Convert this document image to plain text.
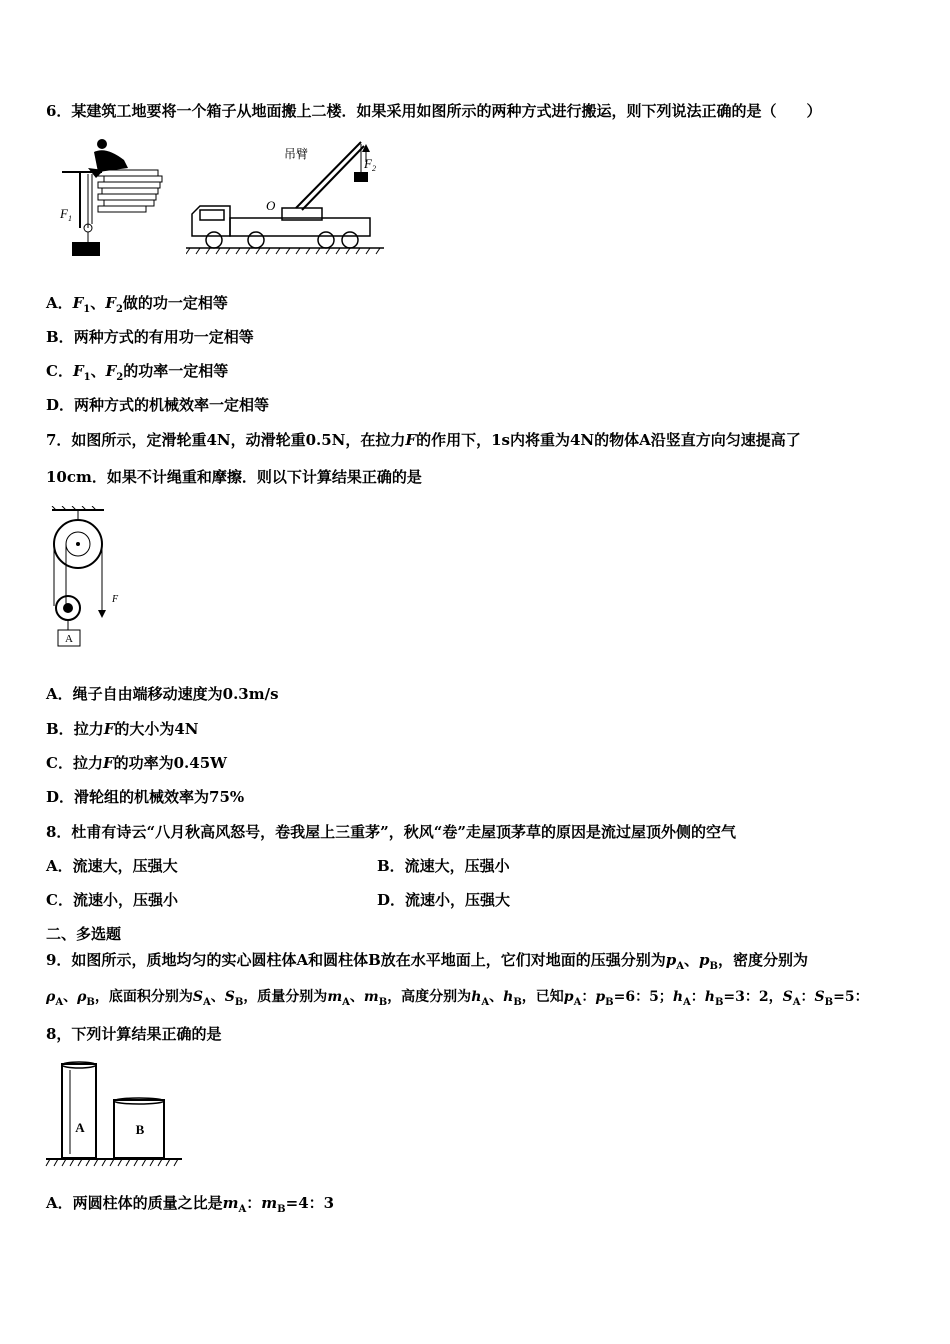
6．某建筑工地要将一个箱子从地面搬上二楼．如果采用如图所示的两种方式进行搬运，则下列说法正确的是（　　）
$F_1$
吊臂
$F_2$
O
A．$F_1$、$F_2$做的功一定相等
B．两种方式的有用功一定相等
C．$F_1$、$F_2$的功率一定相等
D．两种方式的机械效率一定相等
7．如图所示，定滑轮重4N，动滑轮重0.5N，在拉力F的作用下，1s内将重为4N的物体A沿竖直方向匀速提高了
10cm．如果不计绳重和摩擦．则以下计算结果正确的是
F
A
A．绳子自由端移动速度为0.3m/s
B．拉力F的大小为4N
C．拉力F的功率为0.45W
D．滑轮组的机械效率为75%
8．杜甫有诗云“八月秋高风怒号，卷我屋上三重茅”，秋风“卷”走屋顶茅草的原因是流过屋顶外侧的空气
A．流速大，压强大	B．流速大，压强小
C．流速小，压强小	D．流速小，压强大
二、多选题
9．如图所示，质地均匀的实心圆柱体A和圆柱体B放在水平地面上，它们对地面的压强分别为$p_A$、$p_B$，密度分别为
$\rho_A$、$\rho_B$，底面积分别为$S_A$、$S_B$，质量分别为$m_A$、$m_B$，高度分别为$h_A$、$h_B$，已知$p_A$：$p_B=6$：5；$h_A$：$h_B=3$：2，$S_A$：$S_B=5$：
8，下列计算结果正确的是
A	B
A．两圆柱体的质量之比是$m_A$：$m_B=4$：3
